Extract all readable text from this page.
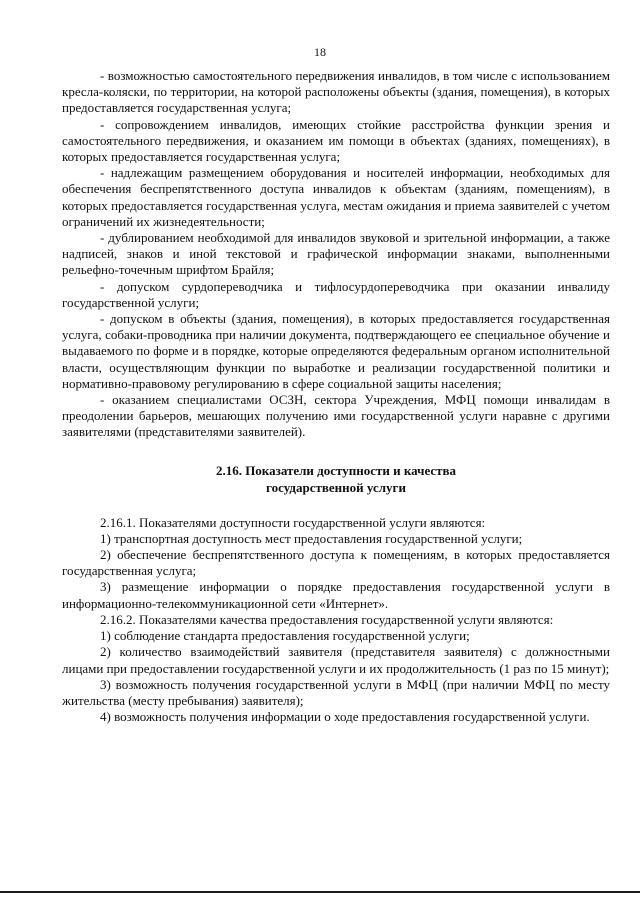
18

- возможностью самостоятельного передвижения инвалидов, в том числе с использованием кресла-коляски, по территории, на которой расположены объекты (здания, помещения), в которых предоставляется государственная услуга;

- сопровождением инвалидов, имеющих стойкие расстройства функции зрения и самостоятельного передвижения, и оказанием им помощи в объектах (зданиях, помещениях), в которых предоставляется государственная услуга;

- надлежащим размещением оборудования и носителей информации, необходимых для обеспечения беспрепятственного доступа инвалидов к объектам (зданиям, помещениям), в которых предоставляется государственная услуга, местам ожидания и приема заявителей с учетом ограничений их жизнедеятельности;

- дублированием необходимой для инвалидов звуковой и зрительной информации, а также надписей, знаков и иной текстовой и графической информации знаками, выполненными рельефно-точечным шрифтом Брайля;

- допуском сурдопереводчика и тифлосурдопереводчика при оказании инвалиду государственной услуги;

- допуском в объекты (здания, помещения), в которых предоставляется государственная услуга, собаки-проводника при наличии документа, подтверждающего ее специальное обучение и выдаваемого по форме и в порядке, которые определяются федеральным органом исполнительной власти, осуществляющим функции по выработке и реализации государственной политики и нормативно-правовому регулированию в сфере социальной защиты населения;

- оказанием специалистами ОСЗН, сектора Учреждения, МФЦ помощи инвалидам в преодолении барьеров, мешающих получению ими государственной услуги наравне с другими заявителями (представителями заявителей).

2.16. Показатели доступности и качества
государственной услуги

2.16.1. Показателями доступности государственной услуги являются:

1) транспортная доступность мест предоставления государственной услуги;

2) обеспечение беспрепятственного доступа к помещениям, в которых предоставляется государственная услуга;

3) размещение информации о порядке предоставления государственной услуги в информационно-телекоммуникационной сети «Интернет».

2.16.2. Показателями качества предоставления государственной услуги являются:

1) соблюдение стандарта предоставления государственной услуги;

2) количество взаимодействий заявителя (представителя заявителя) с должностными лицами при предоставлении государственной услуги и их продолжительность (1 раз по 15 минут);

3) возможность получения государственной услуги в МФЦ (при наличии МФЦ по месту жительства (месту пребывания) заявителя);

4) возможность получения информации о ходе предоставления государственной услуги.
